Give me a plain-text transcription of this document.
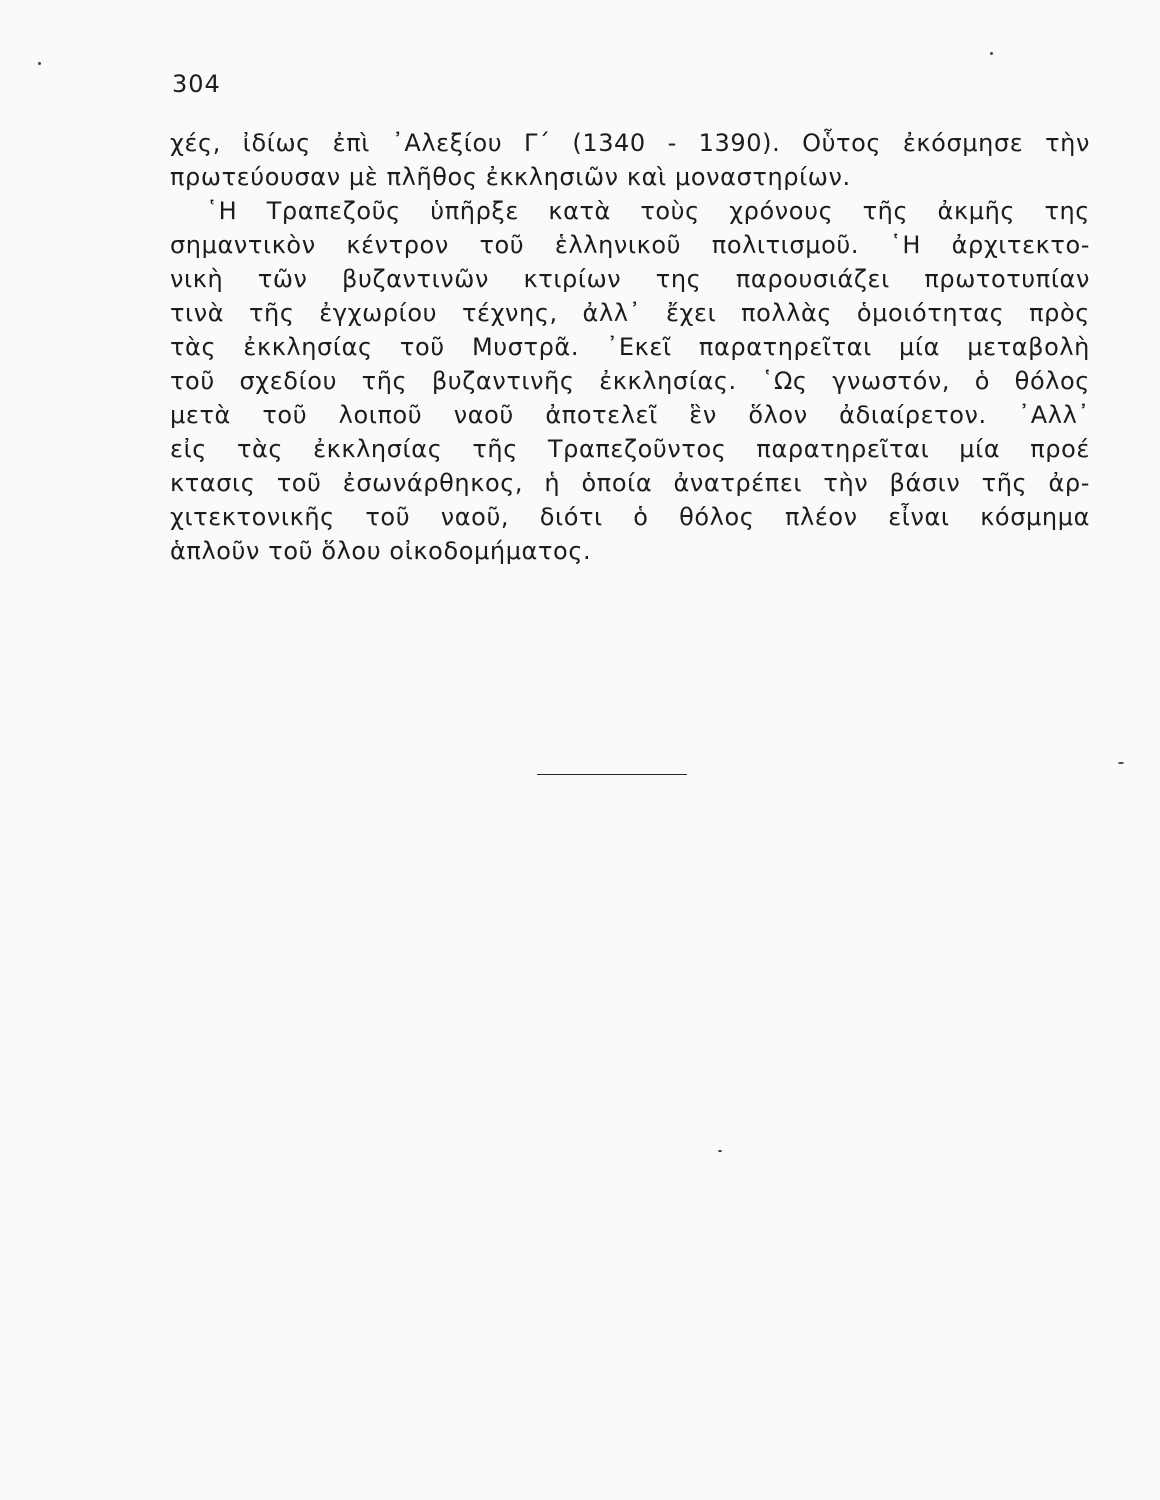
304
χές, ἰδίως ἐπὶ ᾿Αλεξίου Γ΄ (1340 - 1390). Οὗτος ἐκόσμησε τὴν
πρωτεύουσαν μὲ πλῆθος ἐκκλησιῶν καὶ μοναστηρίων.
῾Η Τραπεζοῦς ὑπῆρξε κατὰ τοὺς χρόνους τῆς ἀκμῆς της
σημαντικὸν κέντρον τοῦ ἑλληνικοῦ πολιτισμοῦ. ῾Η ἀρχιτεκτο-
νικὴ τῶν βυζαντινῶν κτιρίων της παρουσιάζει πρωτοτυπίαν
τινὰ τῆς ἐγχωρίου τέχνης, ἀλλ᾿ ἔχει πολλὰς ὁμοιότητας πρὸς
τὰς ἐκκλησίας τοῦ Μυστρᾶ. ᾿Εκεῖ παρατηρεῖται μία μεταβολὴ
τοῦ σχεδίου τῆς βυζαντινῆς ἐκκλησίας. ῾Ως γνωστόν, ὁ θόλος
μετὰ τοῦ λοιποῦ ναοῦ ἀποτελεῖ ἓν ὅλον ἀδιαίρετον. ᾿Αλλ᾿
εἰς τὰς ἐκκλησίας τῆς Τραπεζοῦντος παρατηρεῖται μία προέ
κτασις τοῦ ἐσωνάρθηκος, ἡ ὁποία ἀνατρέπει τὴν βάσιν τῆς ἀρ-
χιτεκτονικῆς τοῦ ναοῦ, διότι ὁ θόλος πλέον εἶναι κόσμημα
ἁπλοῦν τοῦ ὅλου οἰκοδομήματος.
